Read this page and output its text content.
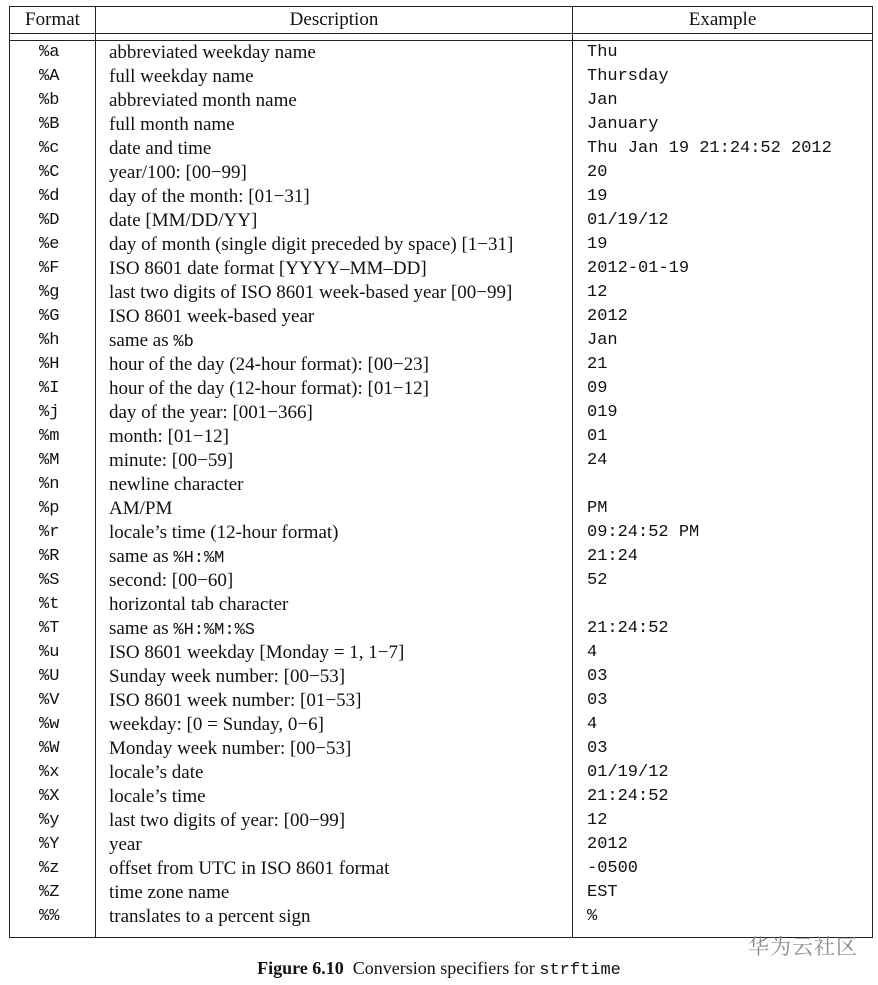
Format	Description	Example
%a	abbreviated weekday name	Thu
%A	full weekday name	Thursday
%b	abbreviated month name	Jan
%B	full month name	January
%c	date and time	Thu Jan 19 21:24:52 2012
%C	year/100: [00−99]	20
%d	day of the month: [01−31]	19
%D	date [MM/DD/YY]	01/19/12
%e	day of month (single digit preceded by space) [1−31]	19
%F	ISO 8601 date format [YYYY–MM–DD]	2012-01-19
%g	last two digits of ISO 8601 week-based year [00−99]	12
%G	ISO 8601 week-based year	2012
%h	same as %b	Jan
%H	hour of the day (24-hour format): [00−23]	21
%I	hour of the day (12-hour format): [01−12]	09
%j	day of the year: [001−366]	019
%m	month: [01−12]	01
%M	minute: [00−59]	24
%n	newline character
%p	AM/PM	PM
%r	locale’s time (12-hour format)	09:24:52 PM
%R	same as %H:%M	21:24
%S	second: [00−60]	52
%t	horizontal tab character
%T	same as %H:%M:%S	21:24:52
%u	ISO 8601 weekday [Monday = 1, 1−7]	4
%U	Sunday week number: [00−53]	03
%V	ISO 8601 week number: [01−53]	03
%w	weekday: [0 = Sunday, 0−6]	4
%W	Monday week number: [00−53]	03
%x	locale’s date	01/19/12
%X	locale’s time	21:24:52
%y	last two digits of year: [00−99]	12
%Y	year	2012
%z	offset from UTC in ISO 8601 format	-0500
%Z	time zone name	EST
%%	translates to a percent sign	%
华为云社区
Figure 6.10 Conversion specifiers for strftime
